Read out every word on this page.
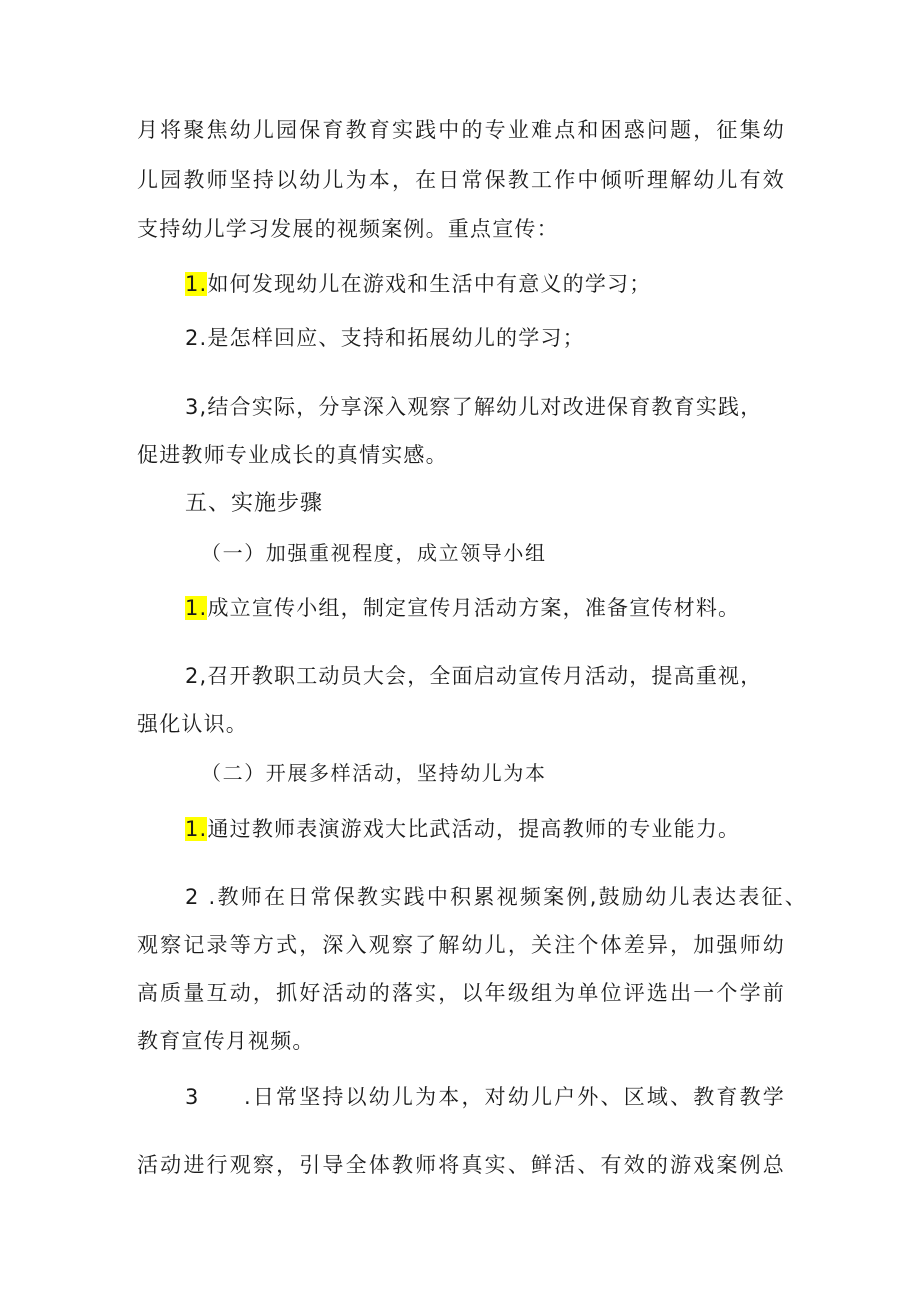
月将聚焦幼儿园保育教育实践中的专业难点和困惑问题，征集幼
儿园教师坚持以幼儿为本，在日常保教工作中倾听理解幼儿有效
支持幼儿学习发展的视频案例。重点宣传：
1.如何发现幼儿在游戏和生活中有意义的学习；
2.是怎样回应、支持和拓展幼儿的学习；
3,结合实际，分享深入观察了解幼儿对改进保育教育实践，
促进教师专业成长的真情实感。
五、实施步骤
（一）加强重视程度，成立领导小组
1.成立宣传小组，制定宣传月活动方案，准备宣传材料。
2,召开教职工动员大会，全面启动宣传月活动，提高重视，
强化认识。
（二）开展多样活动，坚持幼儿为本
1.通过教师表演游戏大比武活动，提高教师的专业能力。
2 .教师在日常保教实践中积累视频案例,鼓励幼儿表达表征、
观察记录等方式，深入观察了解幼儿，关注个体差异，加强师幼
高质量互动，抓好活动的落实，以年级组为单位评选出一个学前
教育宣传月视频。
3 .日常坚持以幼儿为本，对幼儿户外、区域、教育教学
活动进行观察，引导全体教师将真实、鲜活、有效的游戏案例总
